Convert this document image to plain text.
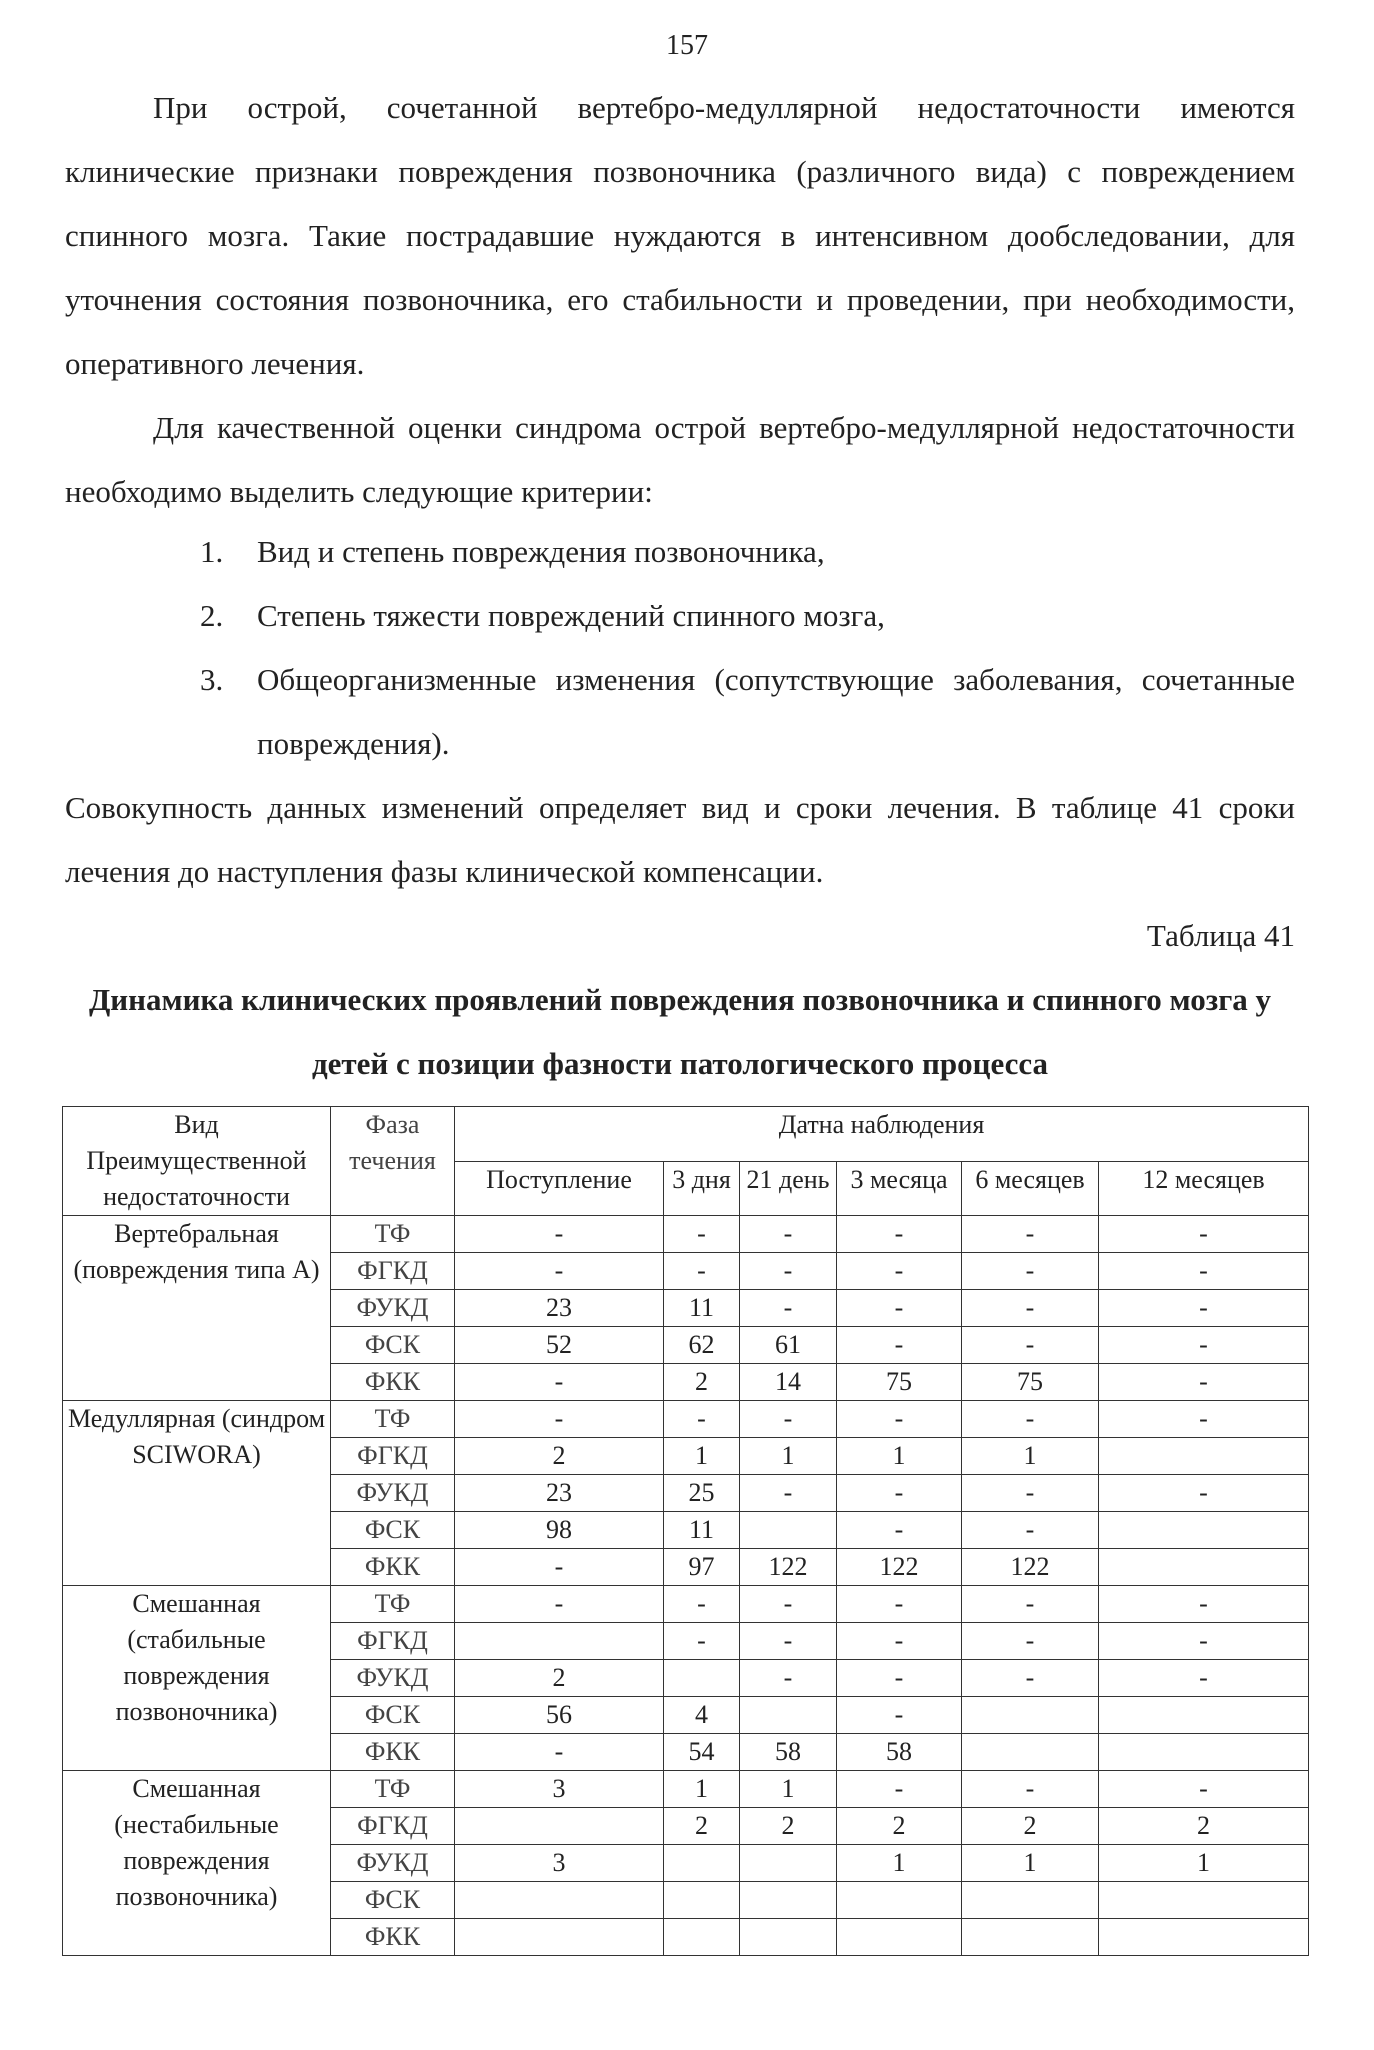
157

При острой, сочетанной вертебро-медуллярной недостаточности имеются клинические признаки повреждения позвоночника (различного вида) с повреждением спинного мозга. Такие пострадавшие нуждаются в интенсивном дообследовании, для уточнения состояния позвоночника, его стабильности и проведении, при необходимости, оперативного лечения.

Для качественной оценки синдрома острой вертебро-медуллярной недостаточности необходимо выделить следующие критерии:

1. Вид и степень повреждения позвоночника,
2. Степень тяжести повреждений спинного мозга,
3. Общеорганизменные изменения (сопутствующие заболевания, сочетанные повреждения).
Совокупность данных изменений определяет вид и сроки лечения. В таблице 41 сроки лечения до наступления фазы клинической компенсации.
Таблица 41
Динамика клинических проявлений повреждения позвоночника и спинного мозга у детей с позиции фазности патологического процесса
Вид Преимущественной недостаточности	Фаза течения	Датна наблюдения					
		Поступление	3 дня	21 день	3 месяца	6 месяцев	12 месяцев
Вертебральная (повреждения типа А)	ТФ	-	-	-	-	-	-
	ФГКД	-	-	-	-	-	-
	ФУКД	23	11	-	-	-	-
	ФСК	52	62	61	-	-	-
	ФКК	-	2	14	75	75	-
Медуллярная (синдром SCIWORA)	ТФ	-	-	-	-	-	-
	ФГКД	2	1	1	1	1	
	ФУКД	23	25	-	-	-	-
	ФСК	98	11		-	-	
	ФКК	-	97	122	122	122	
Смешанная (стабильные повреждения позвоночника)	ТФ	-	-	-	-	-	-
	ФГКД		-	-	-	-	-
	ФУКД	2		-	-	-	-
	ФСК	56	4		-		
	ФКК	-	54	58	58		
Смешанная (нестабильные повреждения позвоночника)	ТФ	3	1	1	-	-	-
	ФГКД		2	2	2	2	2
	ФУКД	3			1	1	1
	ФСК						
	ФКК						
